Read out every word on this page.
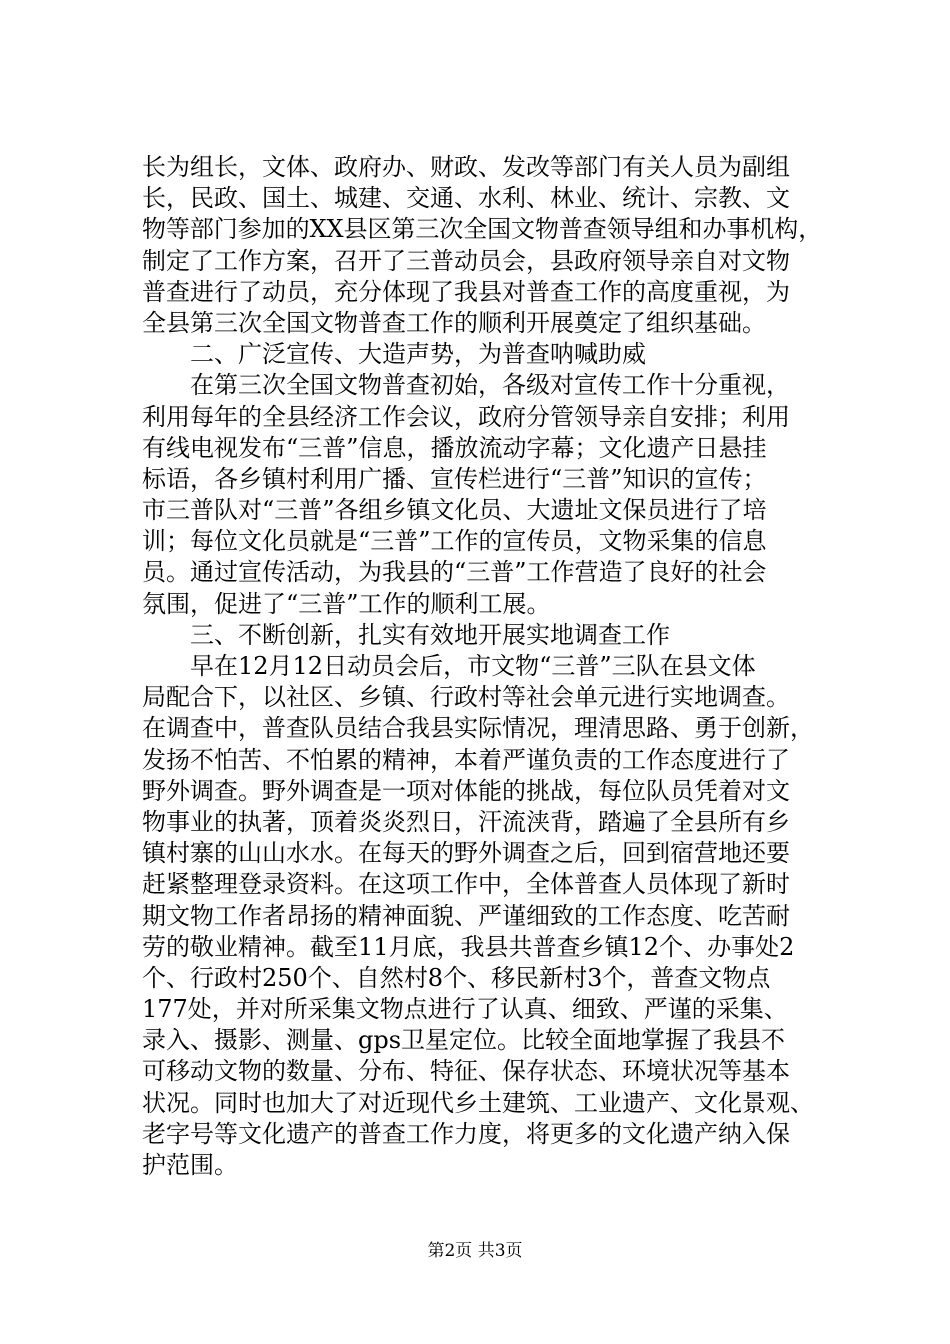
长为组长，文体、政府办、财政、发改等部门有关人员为副组
长，民政、国土、城建、交通、水利、林业、统计、宗教、文
物等部门参加的XX县区第三次全国文物普查领导组和办事机构，
制定了工作方案，召开了三普动员会，县政府领导亲自对文物
普查进行了动员，充分体现了我县对普查工作的高度重视，为
全县第三次全国文物普查工作的顺利开展奠定了组织基础。
二、广泛宣传、大造声势，为普查呐喊助威
在第三次全国文物普查初始，各级对宣传工作十分重视，
利用每年的全县经济工作会议，政府分管领导亲自安排；利用
有线电视发布“三普”信息，播放流动字幕；文化遗产日悬挂
标语，各乡镇村利用广播、宣传栏进行“三普”知识的宣传；
市三普队对“三普”各组乡镇文化员、大遗址文保员进行了培
训；每位文化员就是“三普”工作的宣传员，文物采集的信息
员。通过宣传活动，为我县的“三普”工作营造了良好的社会
氛围，促进了“三普”工作的顺利工展。
三、不断创新，扎实有效地开展实地调查工作
早在12月12日动员会后，市文物“三普”三队在县文体
局配合下，以社区、乡镇、行政村等社会单元进行实地调查。
在调查中，普查队员结合我县实际情况，理清思路、勇于创新，
发扬不怕苦、不怕累的精神，本着严谨负责的工作态度进行了
野外调查。野外调查是一项对体能的挑战，每位队员凭着对文
物事业的执著，顶着炎炎烈日，汗流浃背，踏遍了全县所有乡
镇村寨的山山水水。在每天的野外调查之后，回到宿营地还要
赶紧整理登录资料。在这项工作中，全体普查人员体现了新时
期文物工作者昂扬的精神面貌、严谨细致的工作态度、吃苦耐
劳的敬业精神。截至11月底，我县共普查乡镇12个、办事处2
个、行政村250个、自然村8个、移民新村3个，普查文物点
177处，并对所采集文物点进行了认真、细致、严谨的采集、
录入、摄影、测量、gps卫星定位。比较全面地掌握了我县不
可移动文物的数量、分布、特征、保存状态、环境状况等基本
状况。同时也加大了对近现代乡土建筑、工业遗产、文化景观、
老字号等文化遗产的普查工作力度，将更多的文化遗产纳入保
护范围。
第2页 共3页
